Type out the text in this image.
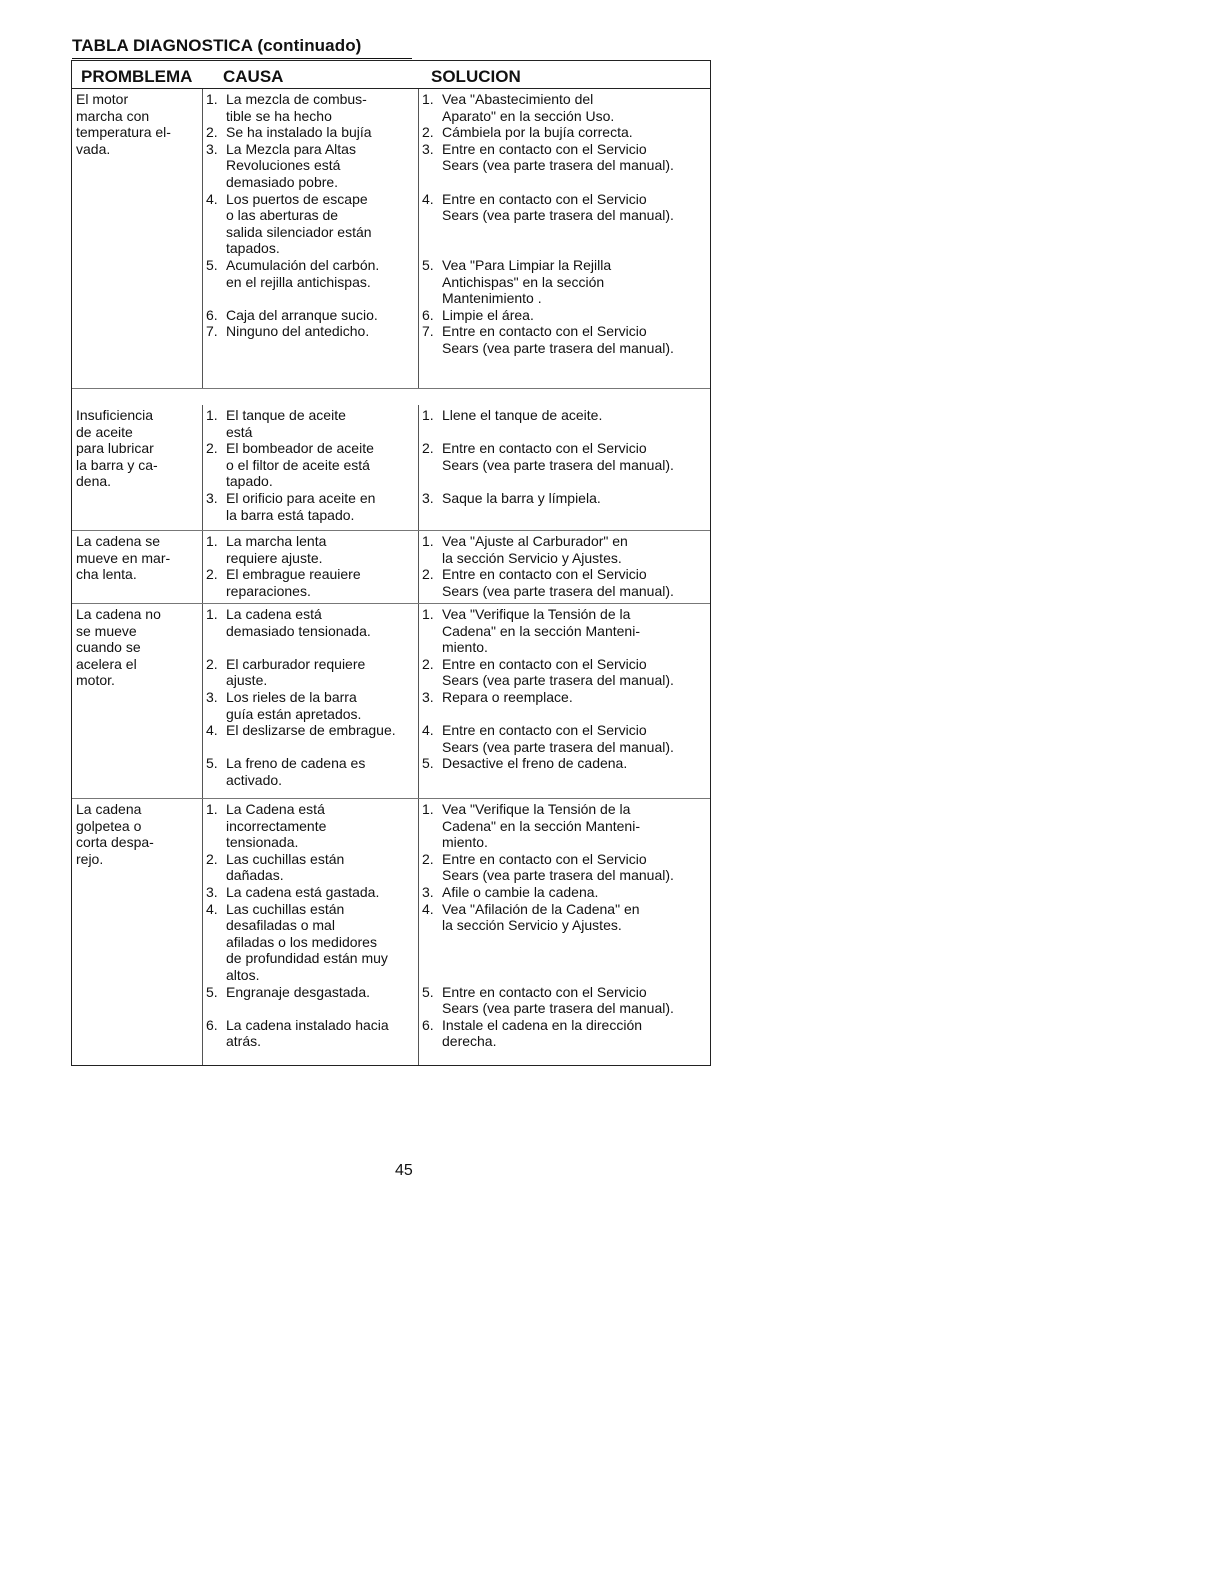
TABLA DIAGNOSTICA (continuado)
PROMBLEMA	CAUSA	SOLUCION
El motor
marcha con
temperatura el-
vada.
1. La mezcla de combus-
tible se ha hecho
2. Se ha instalado la bujía
3. La Mezcla para Altas
Revoluciones está
demasiado pobre.
4. Los puertos de escape
o las aberturas de
salida silenciador están
tapados.
5. Acumulación del carbón.
en el rejilla antichispas.
6. Caja del arranque sucio.
7. Ninguno del antedicho.
1. Vea "Abastecimiento del
Aparato" en la sección Uso.
2. Cámbiela por la bujía correcta.
3. Entre en contacto con el Servicio
Sears (vea parte trasera del manual).
4. Entre en contacto con el Servicio
Sears (vea parte trasera del manual).
5. Vea "Para Limpiar la Rejilla
Antichispas" en la sección
Mantenimiento .
6. Limpie el área.
7. Entre en contacto con el Servicio
Sears (vea parte trasera del manual).
Insuficiencia
de aceite
para lubricar
la barra y ca-
dena.
1. El tanque de aceite
está
2. El bombeador de aceite
o el filtor de aceite está
tapado.
3. El orificio para aceite en
la barra está tapado.
1. Llene el tanque de aceite.
2. Entre en contacto con el Servicio
Sears (vea parte trasera del manual).
3. Saque la barra y límpiela.
La cadena se
mueve en mar-
cha lenta.
1. La marcha lenta
requiere ajuste.
2. El embrague reauiere
reparaciones.
1. Vea "Ajuste al Carburador" en
la sección Servicio y Ajustes.
2. Entre en contacto con el Servicio
Sears (vea parte trasera del manual).
La cadena no
se mueve
cuando se
acelera el
motor.
1. La cadena está
demasiado tensionada.
2. El carburador requiere
ajuste.
3. Los rieles de la barra
guía están apretados.
4. El deslizarse de embrague.
5. La freno de cadena es
activado.
1. Vea "Verifique la Tensión de la
Cadena" en la sección Manteni-
miento.
2. Entre en contacto con el Servicio
Sears (vea parte trasera del manual).
3. Repara o reemplace.
4. Entre en contacto con el Servicio
Sears (vea parte trasera del manual).
5. Desactive el freno de cadena.
La cadena
golpetea o
corta despa-
rejo.
1. La Cadena está
incorrectamente
tensionada.
2. Las cuchillas están
dañadas.
3. La cadena está gastada.
4. Las cuchillas están
desafiladas o mal
afiladas o los medidores
de profundidad están muy
altos.
5. Engranaje desgastada.
6. La cadena instalado hacia
atrás.
1. Vea "Verifique la Tensión de la
Cadena" en la sección Manteni-
miento.
2. Entre en contacto con el Servicio
Sears (vea parte trasera del manual).
3. Afile o cambie la cadena.
4. Vea "Afilación de la Cadena" en
la sección Servicio y Ajustes.
5. Entre en contacto con el Servicio
Sears (vea parte trasera del manual).
6. Instale el cadena en la dirección
derecha.
45
